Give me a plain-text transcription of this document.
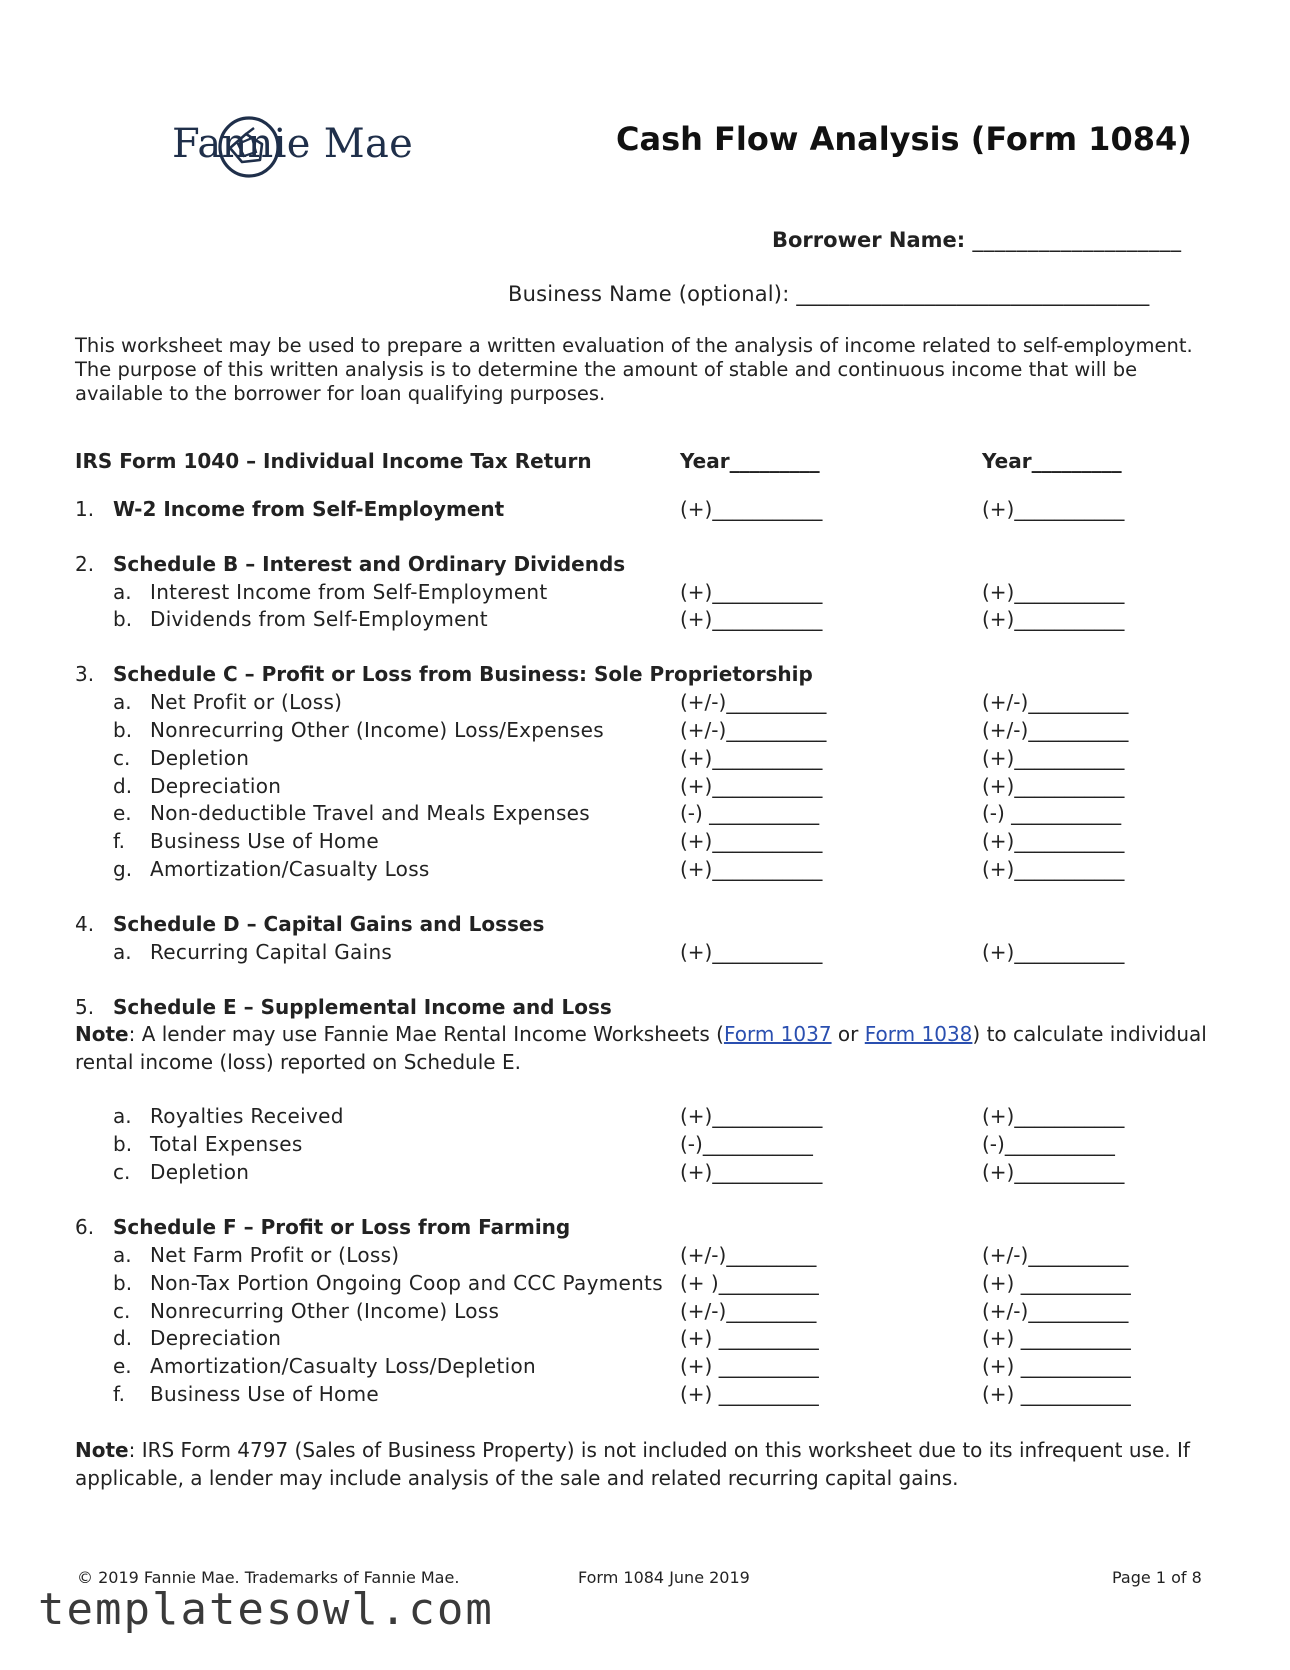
Fannie Mae	Cash Flow Analysis (Form 1084)
Borrower Name: ___________________
Business Name (optional): _________________________________
This worksheet may be used to prepare a written evaluation of the analysis of income related to self-employment. The purpose of this written analysis is to determine the amount of stable and continuous income that will be available to the borrower for loan qualifying purposes.
IRS Form 1040 – Individual Income Tax Return	Year_________	Year_________
1. W-2 Income from Self-Employment	(+)___________	(+)___________
2. Schedule B – Interest and Ordinary Dividends
a. Interest Income from Self-Employment	(+)___________	(+)___________
b. Dividends from Self-Employment	(+)___________	(+)___________
3. Schedule C – Profit or Loss from Business: Sole Proprietorship
a. Net Profit or (Loss)	(+/-)__________	(+/-)__________
b. Nonrecurring Other (Income) Loss/Expenses	(+/-)__________	(+/-)__________
c. Depletion	(+)___________	(+)___________
d. Depreciation	(+)___________	(+)___________
e. Non-deductible Travel and Meals Expenses	(-) ___________	(-) ___________
f. Business Use of Home	(+)___________	(+)___________
g. Amortization/Casualty Loss	(+)___________	(+)___________
4. Schedule D – Capital Gains and Losses
a. Recurring Capital Gains	(+)___________	(+)___________
5. Schedule E – Supplemental Income and Loss
Note: A lender may use Fannie Mae Rental Income Worksheets (Form 1037 or Form 1038) to calculate individual rental income (loss) reported on Schedule E.
a. Royalties Received	(+)___________	(+)___________
b. Total Expenses	(-)___________	(-)___________
c. Depletion	(+)___________	(+)___________
6. Schedule F – Profit or Loss from Farming
a. Net Farm Profit or (Loss)	(+/-)_________	(+/-)__________
b. Non-Tax Portion Ongoing Coop and CCC Payments (+ )__________	(+) ___________
c. Nonrecurring Other (Income) Loss	(+/-)_________	(+/-)__________
d. Depreciation	(+) __________	(+) ___________
e. Amortization/Casualty Loss/Depletion	(+) __________	(+) ___________
f. Business Use of Home	(+) __________	(+) ___________
Note: IRS Form 4797 (Sales of Business Property) is not included on this worksheet due to its infrequent use. If applicable, a lender may include analysis of the sale and related recurring capital gains.
© 2019 Fannie Mae. Trademarks of Fannie Mae.	Form 1084 June 2019	Page 1 of 8
templatesowl.com
